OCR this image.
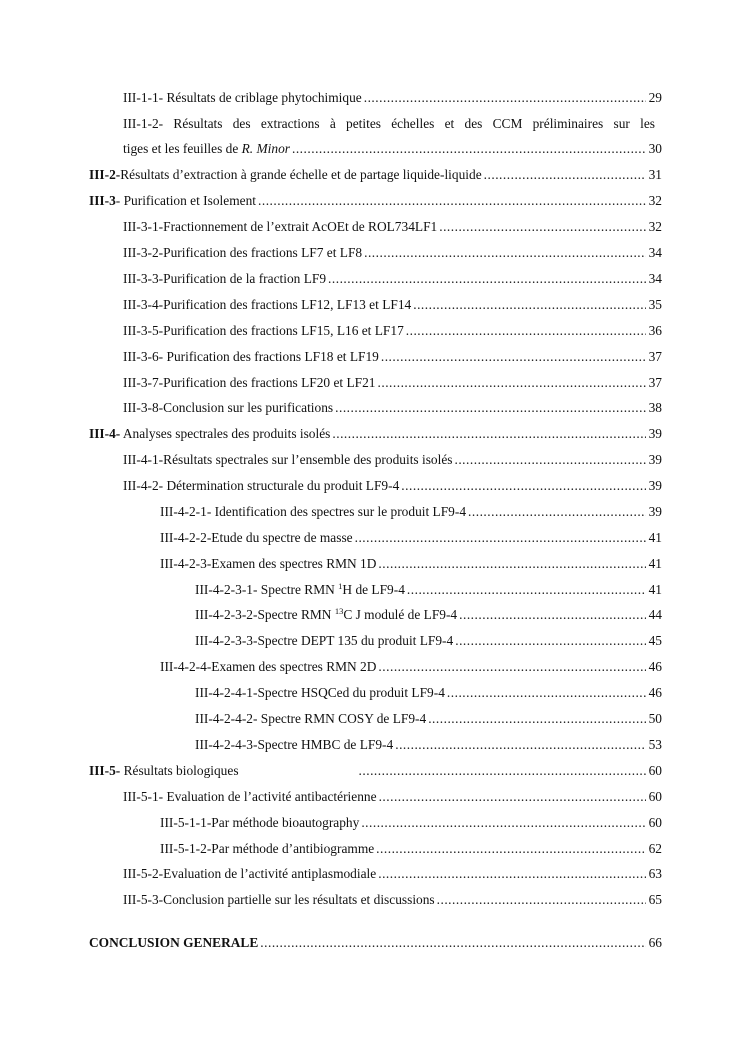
III-1-1- Résultats de criblage phytochimique .....	29
III-1-2- Résultats des extractions à petites échelles et des CCM préliminaires sur les
tiges et les feuilles de R. Minor .....	30
III-2-Résultats d’extraction à grande échelle et de partage liquide-liquide .....	31
III-3- Purification et Isolement .....	32
III-3-1-Fractionnement de l’extrait AcOEt de ROL734LF1 .....	32
III-3-2-Purification des fractions LF7 et LF8 .....	34
III-3-3-Purification de la fraction LF9 .....	34
III-3-4-Purification des fractions LF12, LF13 et LF14 .....	35
III-3-5-Purification des fractions LF15, L16 et LF17 .....	36
III-3-6- Purification des fractions LF18 et LF19 .....	37
III-3-7-Purification des fractions LF20 et LF21 .....	37
III-3-8-Conclusion sur les purifications .....	38
III-4- Analyses spectrales des produits isolés .....	39
III-4-1-Résultats spectrales sur l’ensemble des produits isolés .....	39
III-4-2- Détermination structurale du produit LF9-4 .....	39
III-4-2-1- Identification des spectres sur le produit LF9-4 .....	39
III-4-2-2-Etude du spectre de masse .....	41
III-4-2-3-Examen des spectres RMN 1D .....	41
III-4-2-3-1- Spectre RMN $^1$H de LF9-4 .....	41
III-4-2-3-2-Spectre RMN $^{13}$C J modulé de LF9-4 .....	44
III-4-2-3-3-Spectre DEPT 135 du produit LF9-4 .....	45
III-4-2-4-Examen des spectres RMN 2D .....	46
III-4-2-4-1-Spectre HSQCed du produit LF9-4 .....	46
III-4-2-4-2- Spectre RMN COSY de LF9-4 .....	50
III-4-2-4-3-Spectre HMBC de LF9-4 .....	53
III-5- Résultats biologiques .....	60
III-5-1- Evaluation de l’activité antibactérienne .....	60
III-5-1-1-Par méthode bioautography .....	60
III-5-1-2-Par méthode d’antibiogramme .....	62
III-5-2-Evaluation de l’activité antiplasmodiale .....	63
III-5-3-Conclusion partielle sur les résultats et discussions .....	65
CONCLUSION GENERALE .....	66
